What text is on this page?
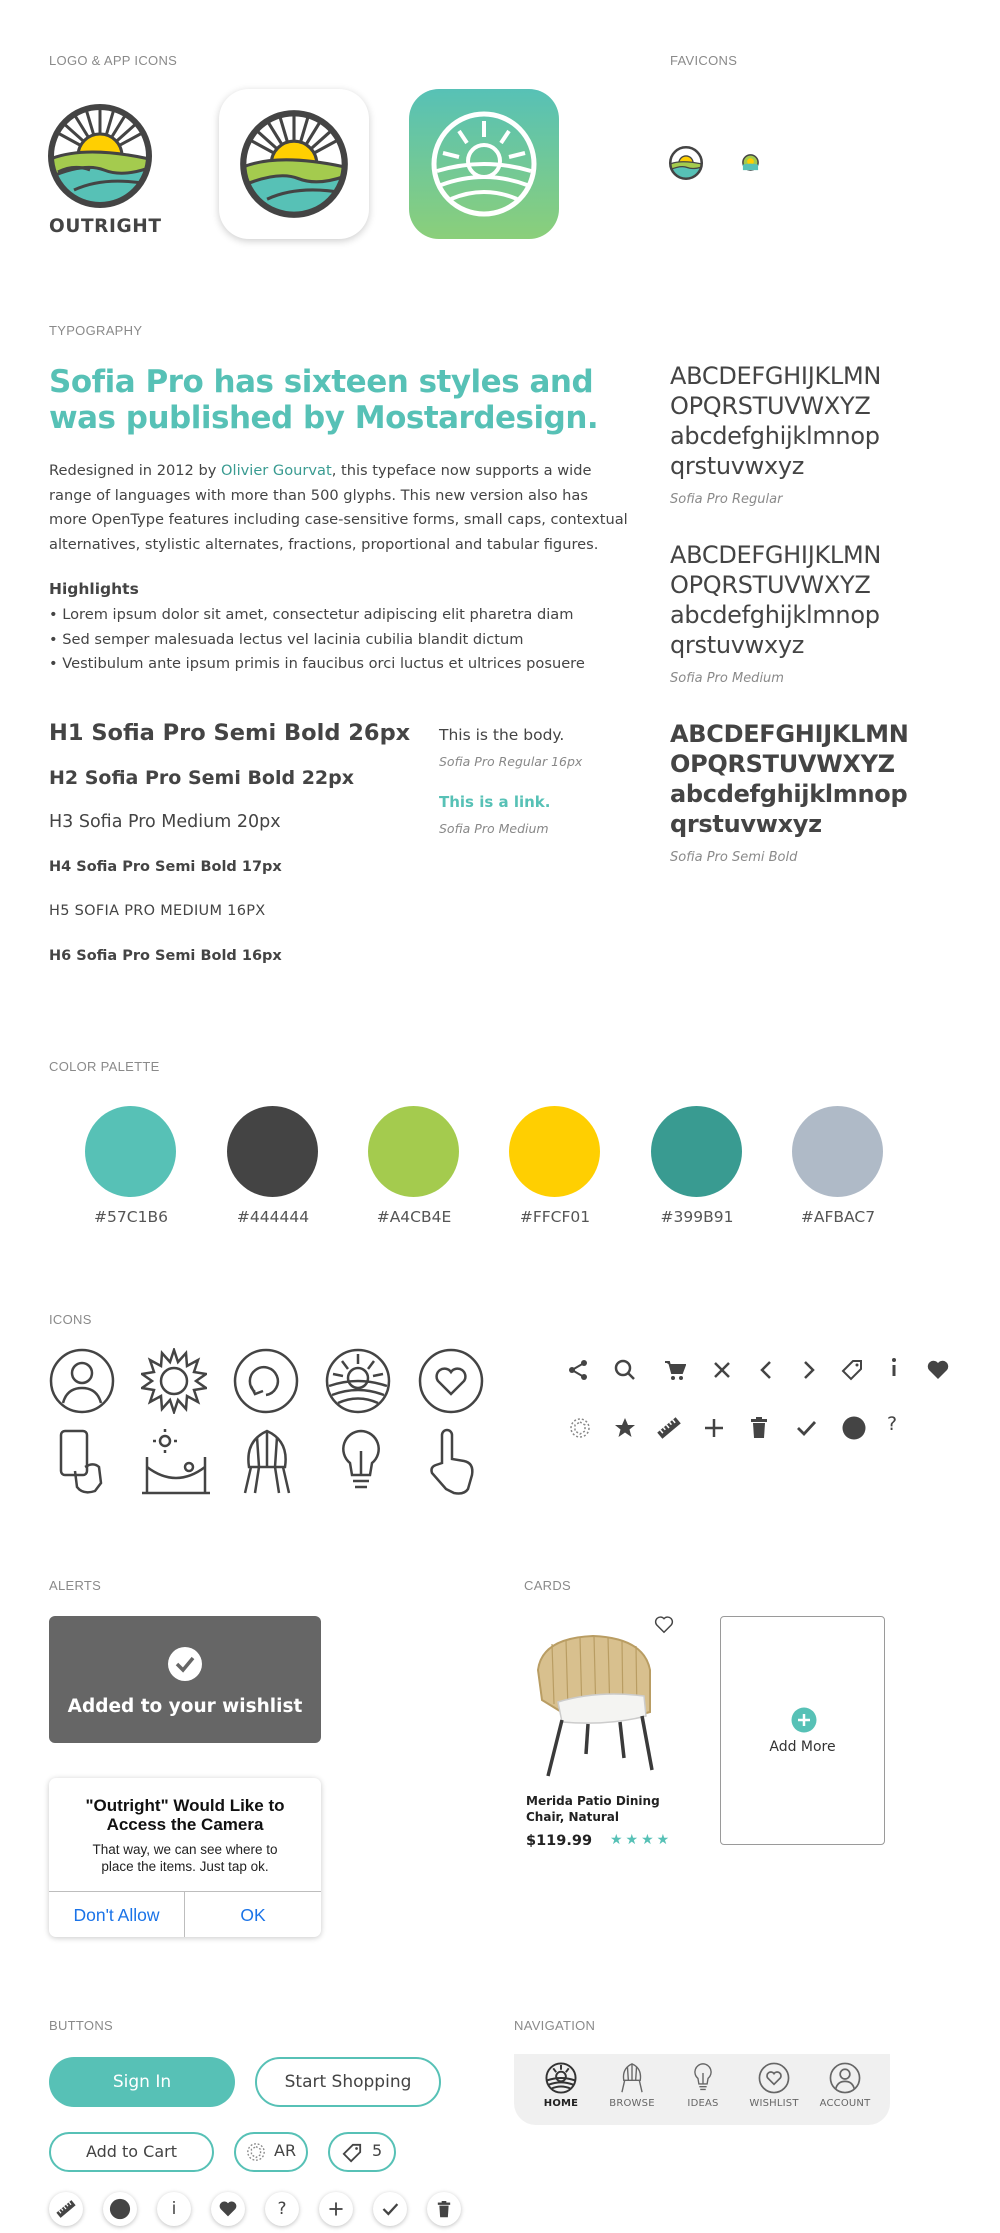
LOGO & APP ICONS	FAVICONS
OUTRIGHT
TYPOGRAPHY
Sofia Pro has sixteen styles and was published by Mostardesign.
Redesigned in 2012 by Olivier Gourvat, this typeface now supports a wide range of languages with more than 500 glyphs. This new version also has more OpenType features including case-sensitive forms, small caps, contextual alternatives, stylistic alternates, fractions, proportional and tabular figures.
Highlights
• Lorem ipsum dolor sit amet, consectetur adipiscing elit pharetra diam
• Sed semper malesuada lectus vel lacinia cubilia blandit dictum
• Vestibulum ante ipsum primis in faucibus orci luctus et ultrices posuere
H1 Sofia Pro Semi Bold 26px
H2 Sofia Pro Semi Bold 22px
H3 Sofia Pro Medium 20px
H4 Sofia Pro Semi Bold 17px
H5 SOFIA PRO MEDIUM 16PX
H6 Sofia Pro Semi Bold 16px
This is the body.
Sofia Pro Regular 16px
This is a link.
Sofia Pro Medium
ABCDEFGHIJKLMN
OPQRSTUVWXYZ
abcdefghijklmnop
qrstuvwxyz
Sofia Pro Regular
ABCDEFGHIJKLMN
OPQRSTUVWXYZ
abcdefghijklmnop
qrstuvwxyz
Sofia Pro Medium
ABCDEFGHIJKLMN
OPQRSTUVWXYZ
abcdefghijklmnop
qrstuvwxyz
Sofia Pro Semi Bold
COLOR PALETTE
#57C1B6	#444444	#A4CB4E	#FFCF01	#399B91	#AFBAC7
ICONS
?
ALERTS
Added to your wishlist
"Outright" Would Like to Access the Camera
That way, we can see where to place the items. Just tap ok.
Don't Allow	OK
CARDS
Merida Patio Dining Chair, Natural
$119.99 ★★★★
Add More
BUTTONS
Sign In	Start Shopping
Add to Cart	AR	5
i	?
NAVIGATION
HOME	BROWSE	IDEAS	WISHLIST	ACCOUNT
